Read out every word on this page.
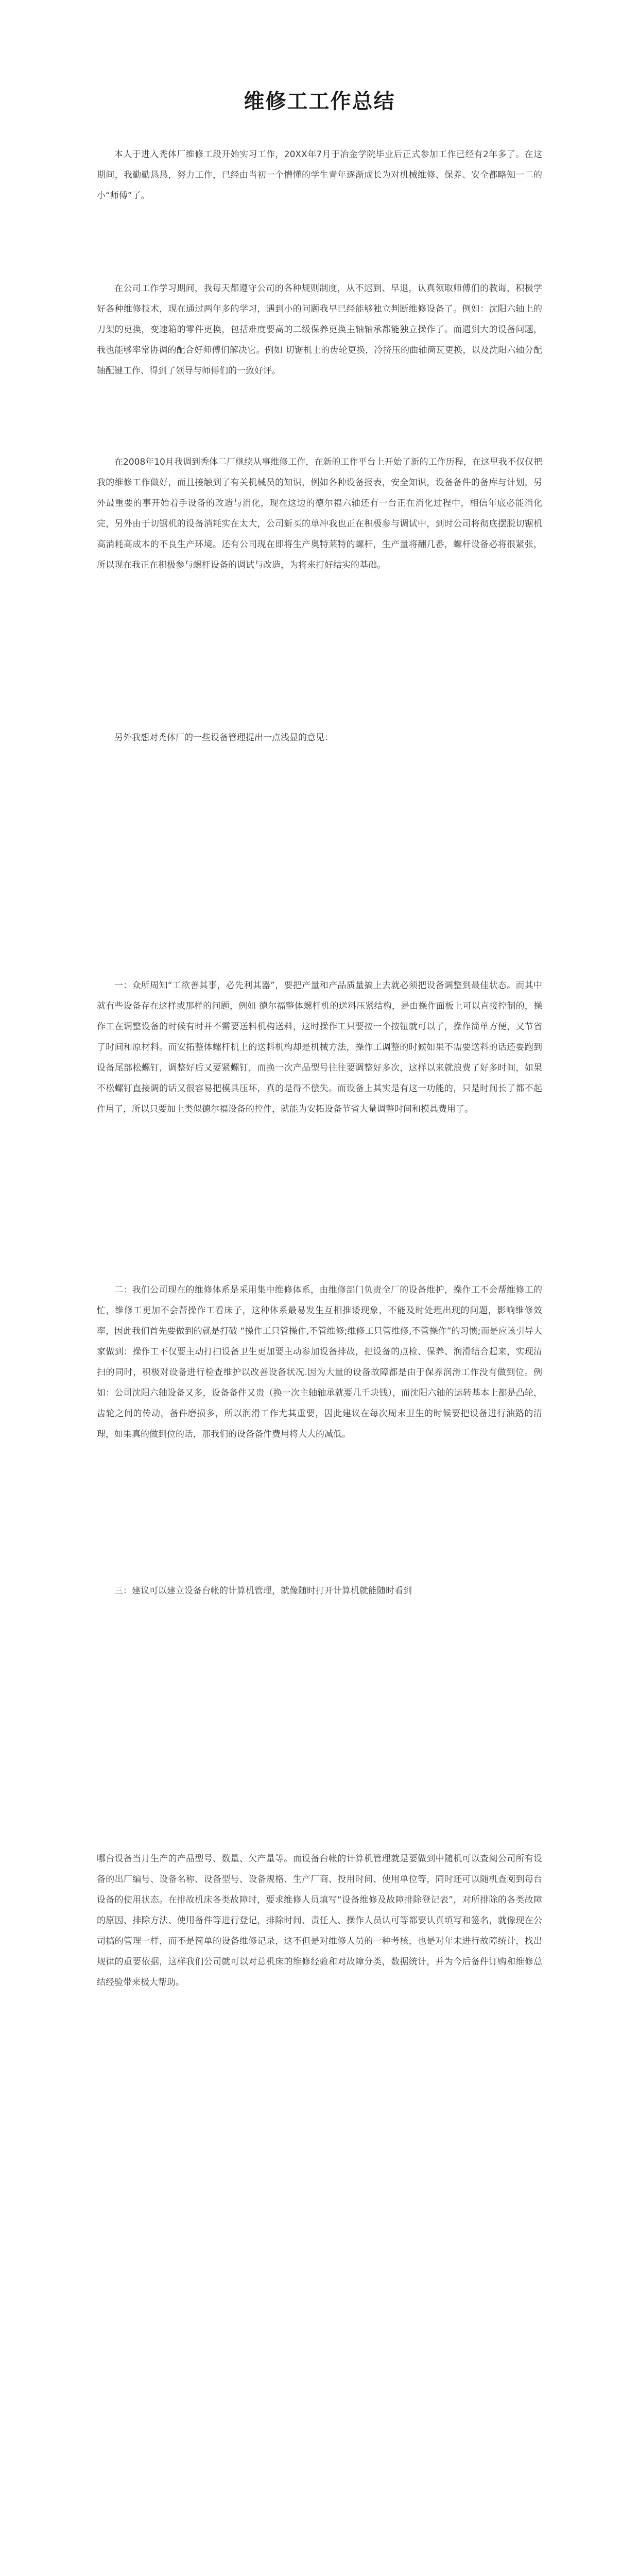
维修工工作总结

本人于进入秃体厂维修工段开始实习工作，20XX年7月于冶金学院毕业后正式参加工作已经有2年多了。在这期间，我勤勤恳恳，努力工作，已经由当初一个懵懂的学生青年逐渐成长为对机械维修、保养、安全都略知一二的小“师傅”了。

在公司工作学习期间，我每天都遵守公司的各种规则制度，从不迟到、早退，认真领取师傅们的教诲，积极学好各种维修技术，现在通过两年多的学习，遇到小的问题我早已经能够独立判断维修设备了。例如：沈阳六轴上的刀架的更换，变速箱的零件更换，包括难度要高的二级保养更换主轴轴承都能独立操作了。而遇到大的设备问题，我也能够率常协调的配合好师傅们解决它。例如 切锯机上的齿轮更换，冷挤压的曲轴筒瓦更换，以及沈阳六轴分配轴配键工作、得到了领导与师傅们的一致好评。

在2008年10月我调到秃体二厂继续从事维修工作，在新的工作平台上开始了新的工作历程，在这里我不仅仅把我的维修工作做好，而且接触到了有关机械员的知识，例如各种设备报表，安全知识，设备备件的备库与计划，另外最重要的事开始着手设备的改造与消化，现在这边的德尔福六轴还有一台正在消化过程中，相信年底必能消化完，另外由于切锯机的设备消耗实在太大，公司新买的单冲我也正在积极参与调试中，到时公司将彻底摆脱切锯机高消耗高成本的不良生产环境。还有公司现在即将生产奥特莱特的螺杆，生产量将翻几番，螺杆设备必将很紧张，所以现在我正在积极参与螺杆设备的调试与改造，为将来打好结实的基础。

另外我想对秃体厂的一些设备管理提出一点浅显的意见：

一：众所周知“工欲善其事，必先利其器”，要把产量和产品质量搞上去就必须把设备调整到最佳状态。而其中就有些设备存在这样或那样的问题，例如 德尔福整体螺杆机的送料压紧结构，是由操作面板上可以直接控制的，操作工在调整设备的时候有时并不需要送料机构送料，这时操作工只要按一个按钮就可以了，操作简单方便，又节省了时间和原材料。而安拓整体螺杆机上的送料机构却是机械方法，操作工调整的时候如果不需要送料的话还要跑到设备尾部松螺钉，调整好后又要紧螺钉，而换一次产品型号往往要调整好多次，这样以来就浪费了好多时间，如果不松螺钉直接调的话又很容易把模具压坏，真的是得不偿失。而设备上其实是有这一功能的，只是时间长了都不起作用了，所以只要加上类似德尔福设备的控件，就能为安拓设备节省大量调整时间和模具费用了。

二：我们公司现在的维修体系是采用集中维修体系，由维修部门负责全厂的设备维护，操作工不会帮维修工的忙，维修工更加不会帮操作工看床子，这种体系最易发生互相推诿现象，不能及时处理出现的问题，影响维修效率，因此我们首先要做到的就是打破 “操作工只管操作,不管维修;维修工只管维修,不管操作”的习惯;而是应该引导大家做到：操作工不仅要主动打扫设备卫生更加要主动参加设备排故，把设备的点检、保养、润滑结合起来，实现清扫的同时，积极对设备进行检查维护以改善设备状况.因为大量的设备故障都是由于保养润滑工作没有做到位。例如：公司沈阳六轴设备又多，设备备件又贵（换一次主轴轴承就要几千块钱），而沈阳六轴的运转基本上都是凸轮，齿轮之间的传动，备件磨损多，所以润滑工作尤其重要，因此建议在每次周末卫生的时候要把设备进行油路的清理，如果真的做到位的话，那我们的设备备件费用将大大的减低。

三：建议可以建立设备台帐的计算机管理，就像随时打开计算机就能随时看到

哪台设备当月生产的产品型号、数量、欠产量等。而设备台帐的计算机管理就是要做到中随机可以查阅公司所有设备的出厂编号、设备名称、设备型号、设备规格、生产厂商、投用时间、使用单位等，同时还可以随机查阅到每台设备的使用状态。在排故机床各类故障时，要求维修人员填写“设备维修及故障排除登记表”，对所排除的各类故障的原因、排除方法、使用备件等进行登记，排除时间、责任人、操作人员认可等都要认真填写和签名，就像现在公司搞的管理一样，而不是简单的设备维修记录，这不但是对维修人员的一种考核，也是对年末进行故障统计，找出规律的重要依据，这样我们公司就可以对总机床的维修经验和对故障分类，数据统计，并为今后备件订购和维修总结经验带来极大帮助。
